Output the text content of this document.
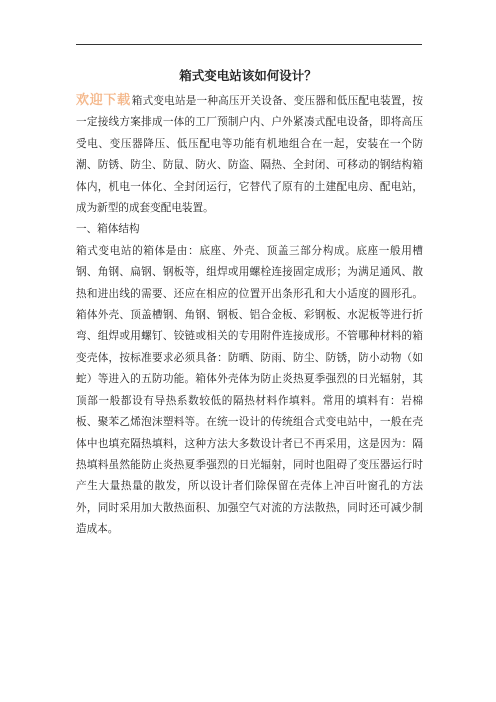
箱式变电站该如何设计？

欢迎下载箱式变电站是一种高压开关设备、变压器和低压配电装置，按一定接线方案排成一体的工厂预制户内、户外紧凑式配电设备，即将高压受电、变压器降压、低压配电等功能有机地组合在一起，安装在一个防潮、防锈、防尘、防鼠、防火、防盗、隔热、全封闭、可移动的钢结构箱体内，机电一体化、全封闭运行，它替代了原有的土建配电房、配电站，成为新型的成套变配电装置。

一、箱体结构

箱式变电站的箱体是由：底座、外壳、顶盖三部分构成。底座一般用槽钢、角钢、扁钢、钢板等，组焊或用螺栓连接固定成形；为满足通风、散热和进出线的需要、还应在相应的位置开出条形孔和大小适度的圆形孔。箱体外壳、顶盖槽钢、角钢、钢板、铝合金板、彩钢板、水泥板等进行折弯、组焊或用螺钉、铰链或相关的专用附件连接成形。不管哪种材料的箱变壳体，按标准要求必须具备：防晒、防雨、防尘、防锈，防小动物（如蛇）等进入的五防功能。箱体外壳体为防止炎热夏季强烈的日光辐射，其顶部一般都设有导热系数较低的隔热材料作填料。常用的填料有：岩棉板、聚苯乙烯泡沫塑料等。在统一设计的传统组合式变电站中，一般在壳体中也填充隔热填料，这种方法大多数设计者已不再采用，这是因为：隔热填料虽然能防止炎热夏季强烈的日光辐射，同时也阻碍了变压器运行时产生大量热量的散发，所以设计者们除保留在壳体上冲百叶窗孔的方法外，同时采用加大散热面积、加强空气对流的方法散热，同时还可减少制造成本。
